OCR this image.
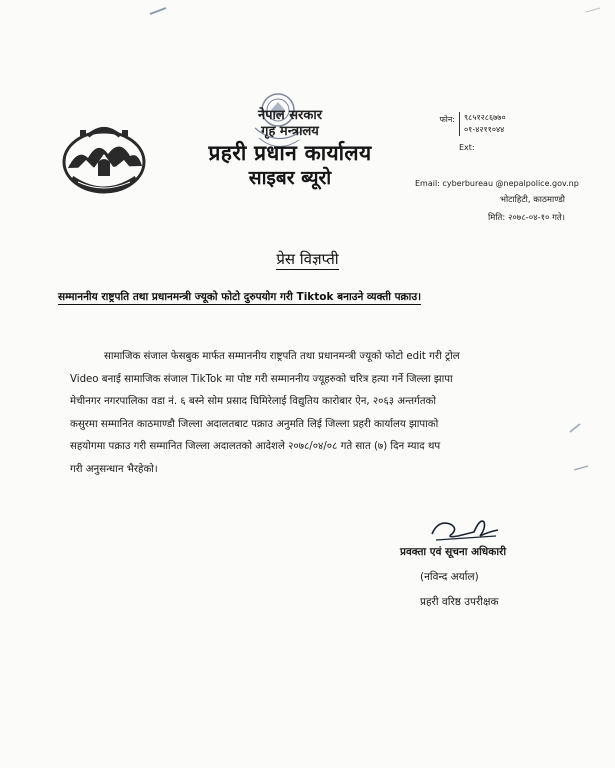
नेपाल सरकार
गृह मन्त्रालय
प्रहरी प्रधान कार्यालय
साइबर ब्यूरो
फोन:	९८५१२८६७७०
०१-४२११०४४
Ext:
Email: cyberbureau @nepalpolice.gov.np
भोटाहिटी, काठमाण्डौ
मिति: २०७८-०४-१० गते।
प्रेस विज्ञप्ती
सम्माननीय राष्ट्रपति तथा प्रधानमन्त्री ज्यूको फोटो दुरुपयोग गरी Tiktok बनाउने व्यक्ती पक्राउ।
सामाजिक संजाल फेसबुक मार्फत सम्माननीय राष्ट्रपति तथा प्रधानमन्त्री ज्यूको फोटो edit गरी ट्रोल
Video बनाई सामाजिक संजाल TikTok मा पोष्ट गरी सम्माननीय ज्यूहरुको चरित्र हत्या गर्ने जिल्ला झापा
मेचीनगर नगरपालिका वडा नं. ६ बस्ने सोम प्रसाद घिमिरेलाई विद्युतिय कारोबार ऐन, २०६३ अन्तर्गतको
कसुरमा सम्मानित काठमाण्डौ जिल्ला अदालतबाट पक्राउ अनुमति लिई जिल्ला प्रहरी कार्यालय झापाको
सहयोगमा पक्राउ गरी सम्मानित जिल्ला अदालतको आदेशले २०७८/०४/०८ गते सात (७) दिन म्याद थप
गरी अनुसन्धान भैरहेको।
प्रवक्ता एवं सूचना अधिकारी
(नविन्द अर्याल)
प्रहरी वरिष्ठ उपरीक्षक
